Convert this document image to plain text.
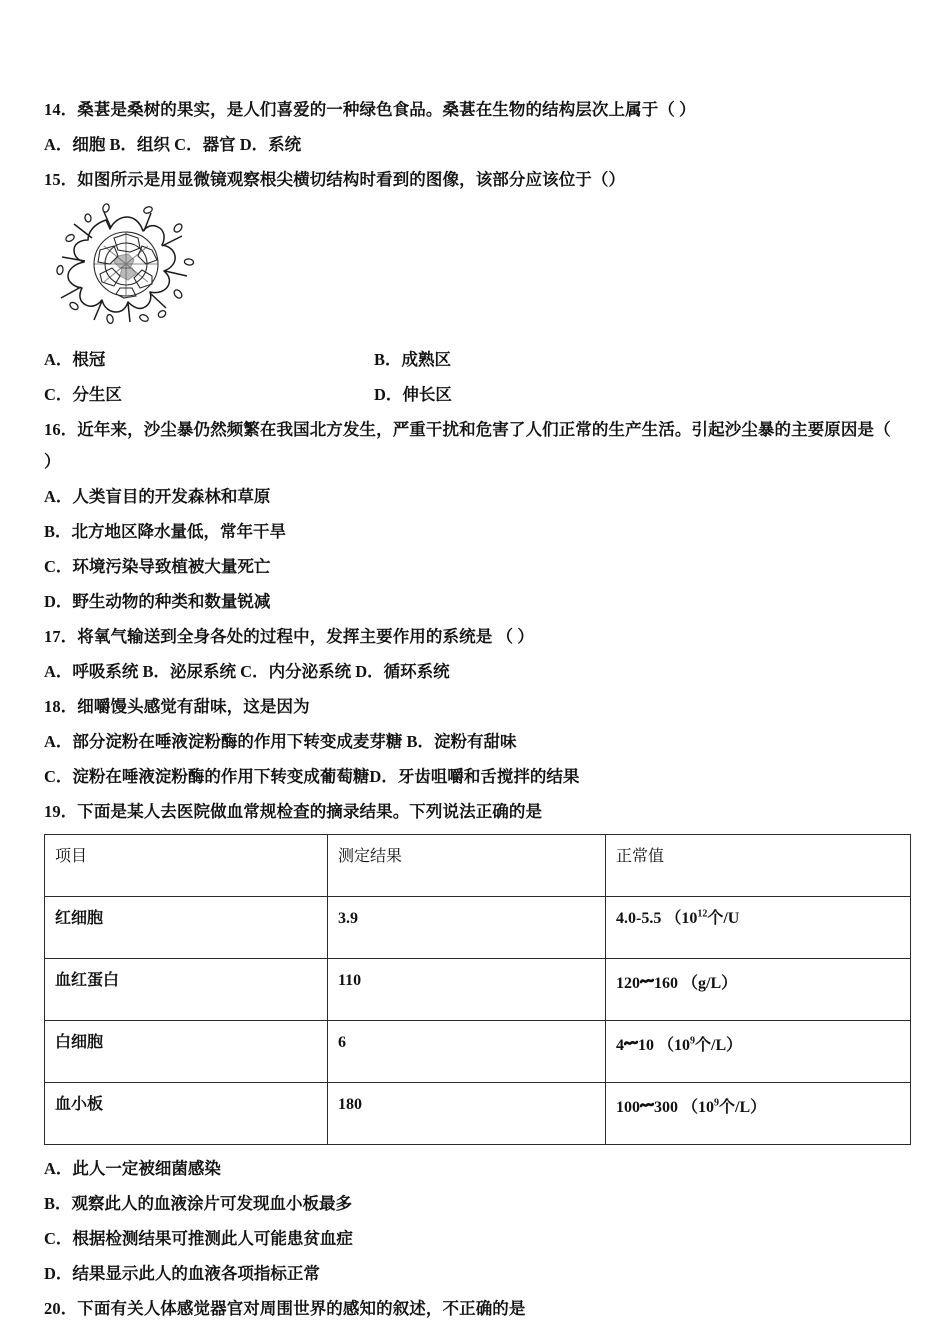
14．桑葚是桑树的果实，是人们喜爱的一种绿色食品。桑葚在生物的结构层次上属于（ ）

A．细胞 B．组织 C．器官 D．系统

15．如图所示是用显微镜观察根尖横切结构时看到的图像，该部分应该位于（）

A．根冠	B．成熟区
C．分生区	D．伸长区

16．近年来，沙尘暴仍然频繁在我国北方发生，严重干扰和危害了人们正常的生产生活。引起沙尘暴的主要原因是（

）

A．人类盲目的开发森林和草原

B．北方地区降水量低，常年干旱

C．环境污染导致植被大量死亡

D．野生动物的种类和数量锐减

17．将氧气输送到全身各处的过程中，发挥主要作用的系统是 （ ）

A．呼吸系统 B．泌尿系统 C．内分泌系统 D．循环系统

18．细嚼馒头感觉有甜味，这是因为

A．部分淀粉在唾液淀粉酶的作用下转变成麦芽糖 B．淀粉有甜味

C．淀粉在唾液淀粉酶的作用下转变成葡萄糖D．牙齿咀嚼和舌搅拌的结果

19．下面是某人去医院做血常规检查的摘录结果。下列说法正确的是

项目	测定结果	正常值
红细胞	3.9	4.0-5.5 （$10^{12}$个/U
血红蛋白	110	120 160 （g/L）
白细胞	6	4 10 （$10^9$个/L）
血小板	180	100 300 （$10^9$个/L）

A．此人一定被细菌感染

B．观察此人的血液涂片可发现血小板最多

C．根据检测结果可推测此人可能患贫血症

D．结果显示此人的血液各项指标正常

20．下面有关人体感觉器官对周围世界的感知的叙述，不正确的是
